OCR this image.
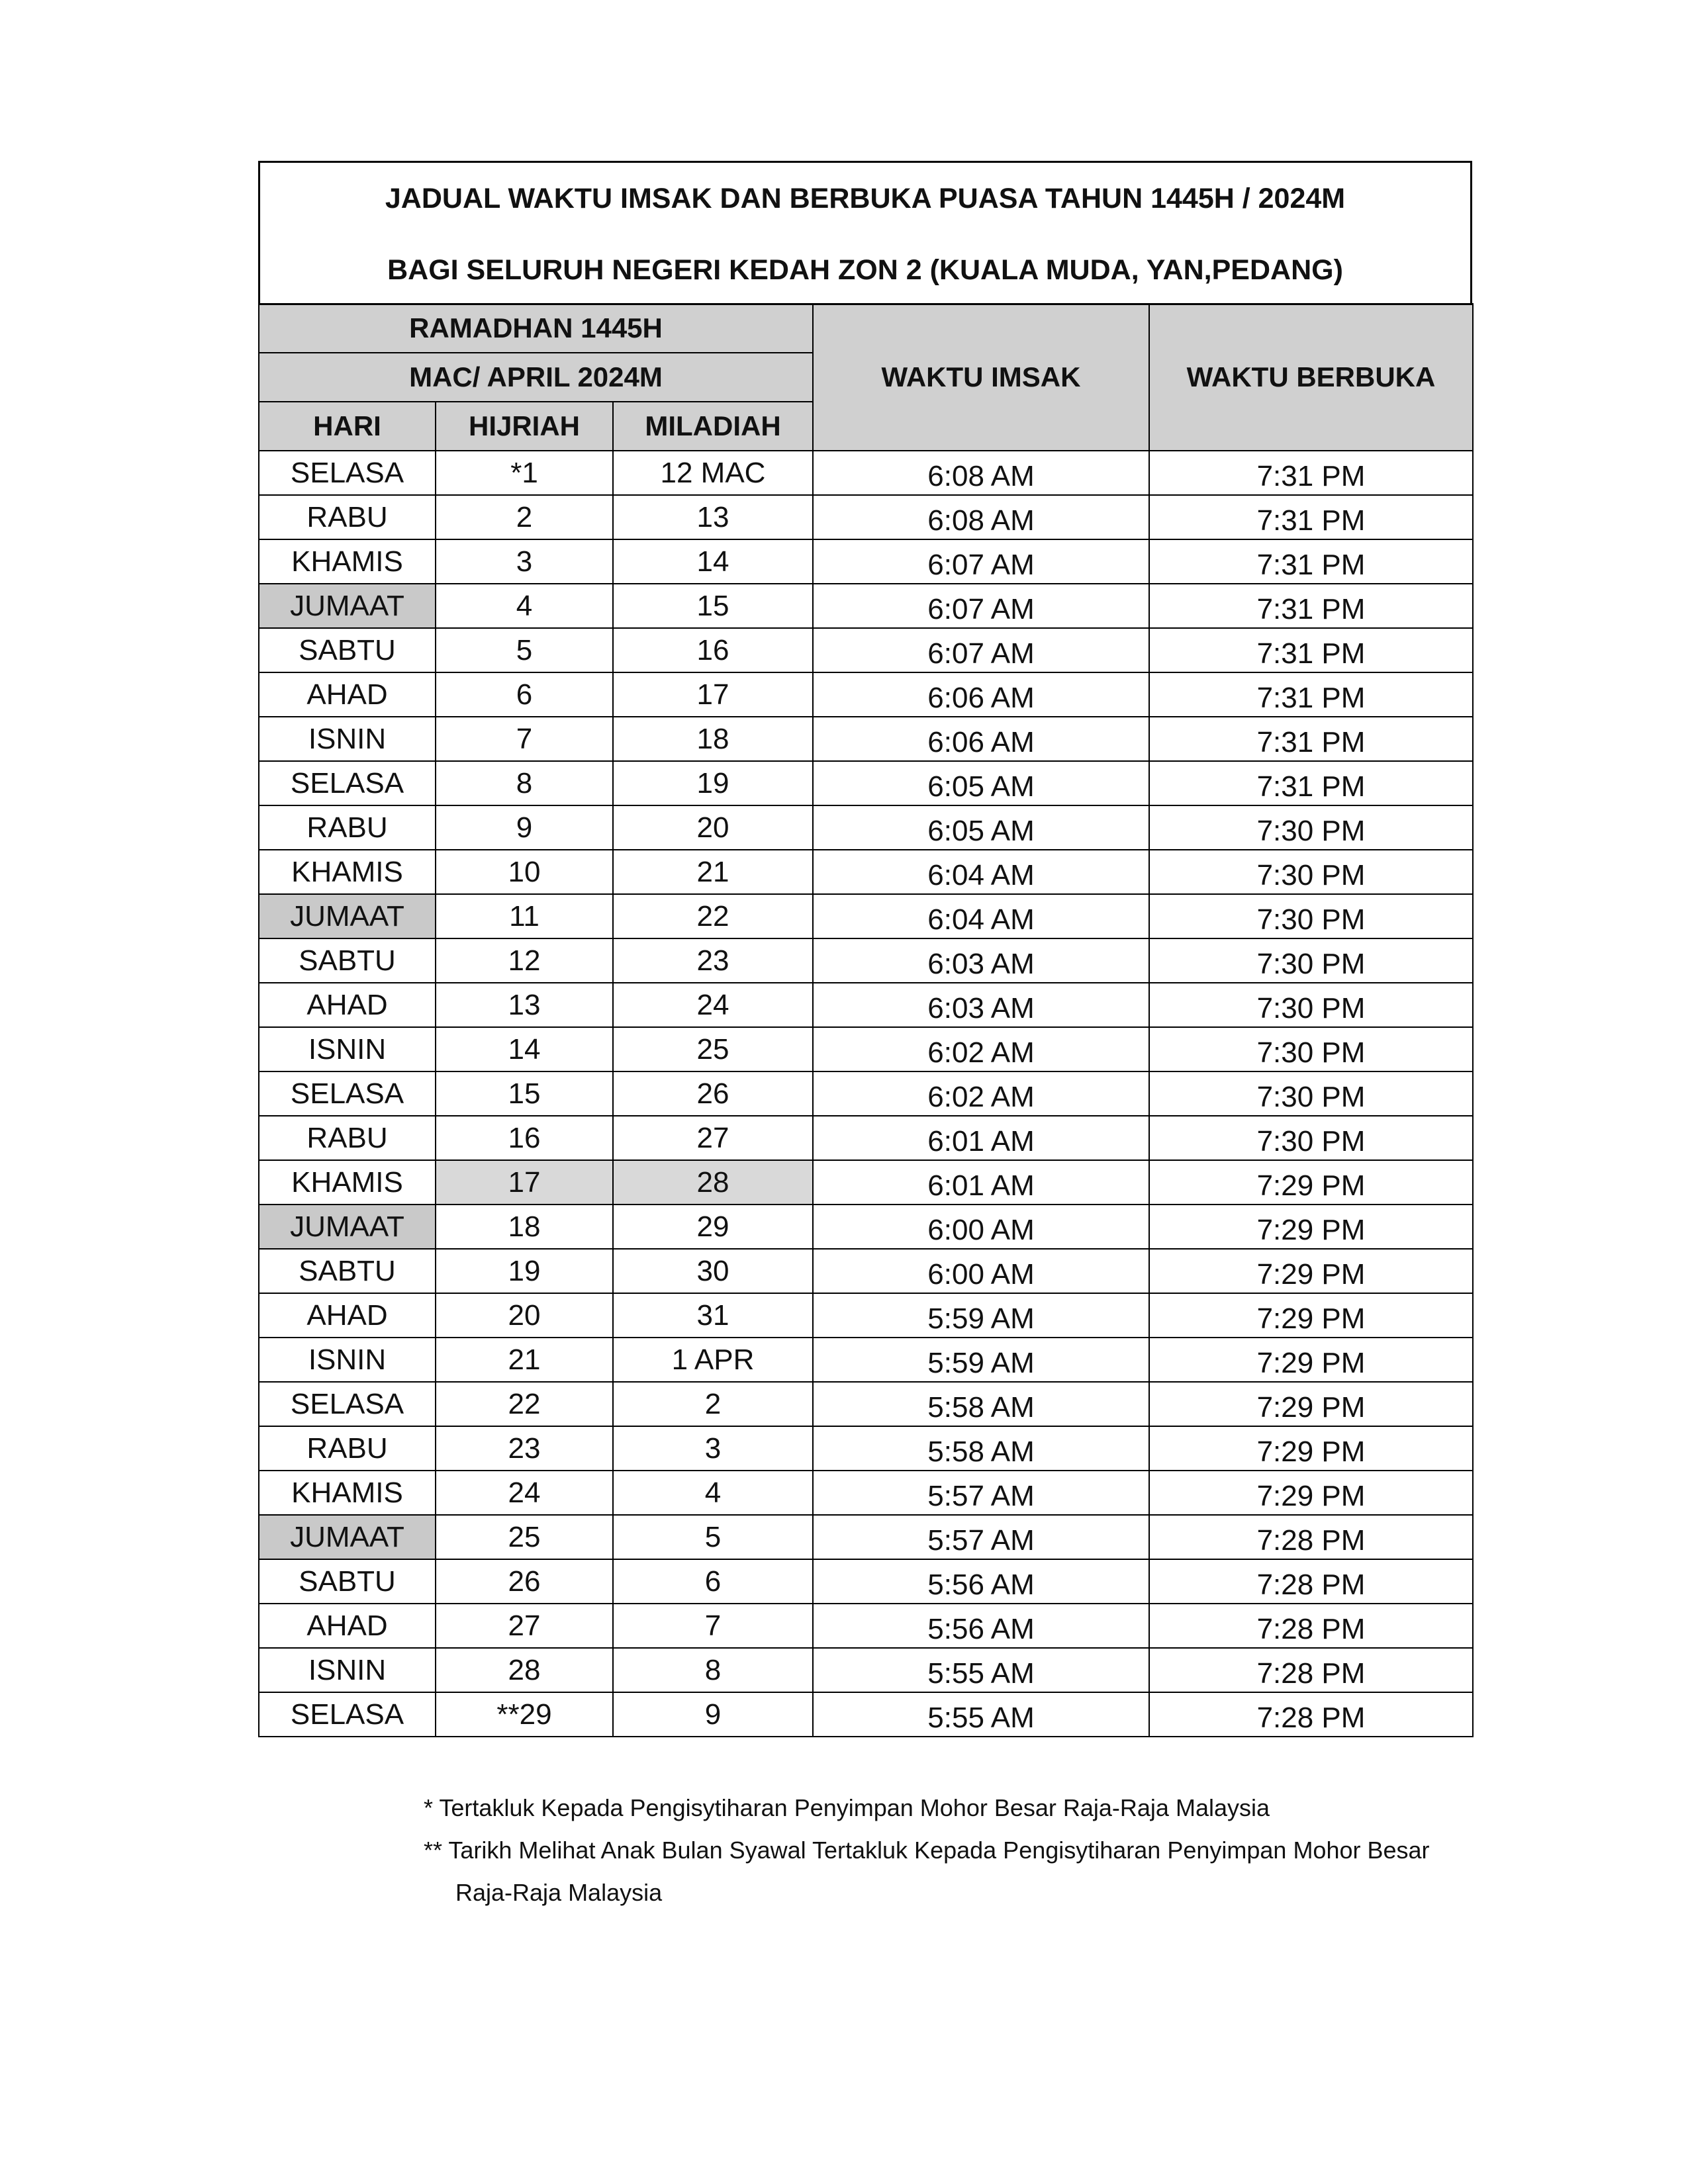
JADUAL WAKTU IMSAK DAN BERBUKA PUASA TAHUN 1445H / 2024M
BAGI SELURUH NEGERI KEDAH ZON 2 (KUALA MUDA, YAN,PEDANG)
RAMADHAN 1445H			WAKTU IMSAK	WAKTU BERBUKA
MAC/ APRIL 2024M				
HARI	HIJRIAH	MILADIAH		
SELASA	*1	12 MAC	6:08 AM	7:31 PM
RABU	2	13	6:08 AM	7:31 PM
KHAMIS	3	14	6:07 AM	7:31 PM
JUMAAT	4	15	6:07 AM	7:31 PM
SABTU	5	16	6:07 AM	7:31 PM
AHAD	6	17	6:06 AM	7:31 PM
ISNIN	7	18	6:06 AM	7:31 PM
SELASA	8	19	6:05 AM	7:31 PM
RABU	9	20	6:05 AM	7:30 PM
KHAMIS	10	21	6:04 AM	7:30 PM
JUMAAT	11	22	6:04 AM	7:30 PM
SABTU	12	23	6:03 AM	7:30 PM
AHAD	13	24	6:03 AM	7:30 PM
ISNIN	14	25	6:02 AM	7:30 PM
SELASA	15	26	6:02 AM	7:30 PM
RABU	16	27	6:01 AM	7:30 PM
KHAMIS	17	28	6:01 AM	7:29 PM
JUMAAT	18	29	6:00 AM	7:29 PM
SABTU	19	30	6:00 AM	7:29 PM
AHAD	20	31	5:59 AM	7:29 PM
ISNIN	21	1 APR	5:59 AM	7:29 PM
SELASA	22	2	5:58 AM	7:29 PM
RABU	23	3	5:58 AM	7:29 PM
KHAMIS	24	4	5:57 AM	7:29 PM
JUMAAT	25	5	5:57 AM	7:28 PM
SABTU	26	6	5:56 AM	7:28 PM
AHAD	27	7	5:56 AM	7:28 PM
ISNIN	28	8	5:55 AM	7:28 PM
SELASA	**29	9	5:55 AM	7:28 PM
* Tertakluk Kepada Pengisytiharan Penyimpan Mohor Besar Raja-Raja Malaysia
** Tarikh Melihat Anak Bulan Syawal Tertakluk Kepada Pengisytiharan Penyimpan Mohor Besar
Raja-Raja Malaysia
